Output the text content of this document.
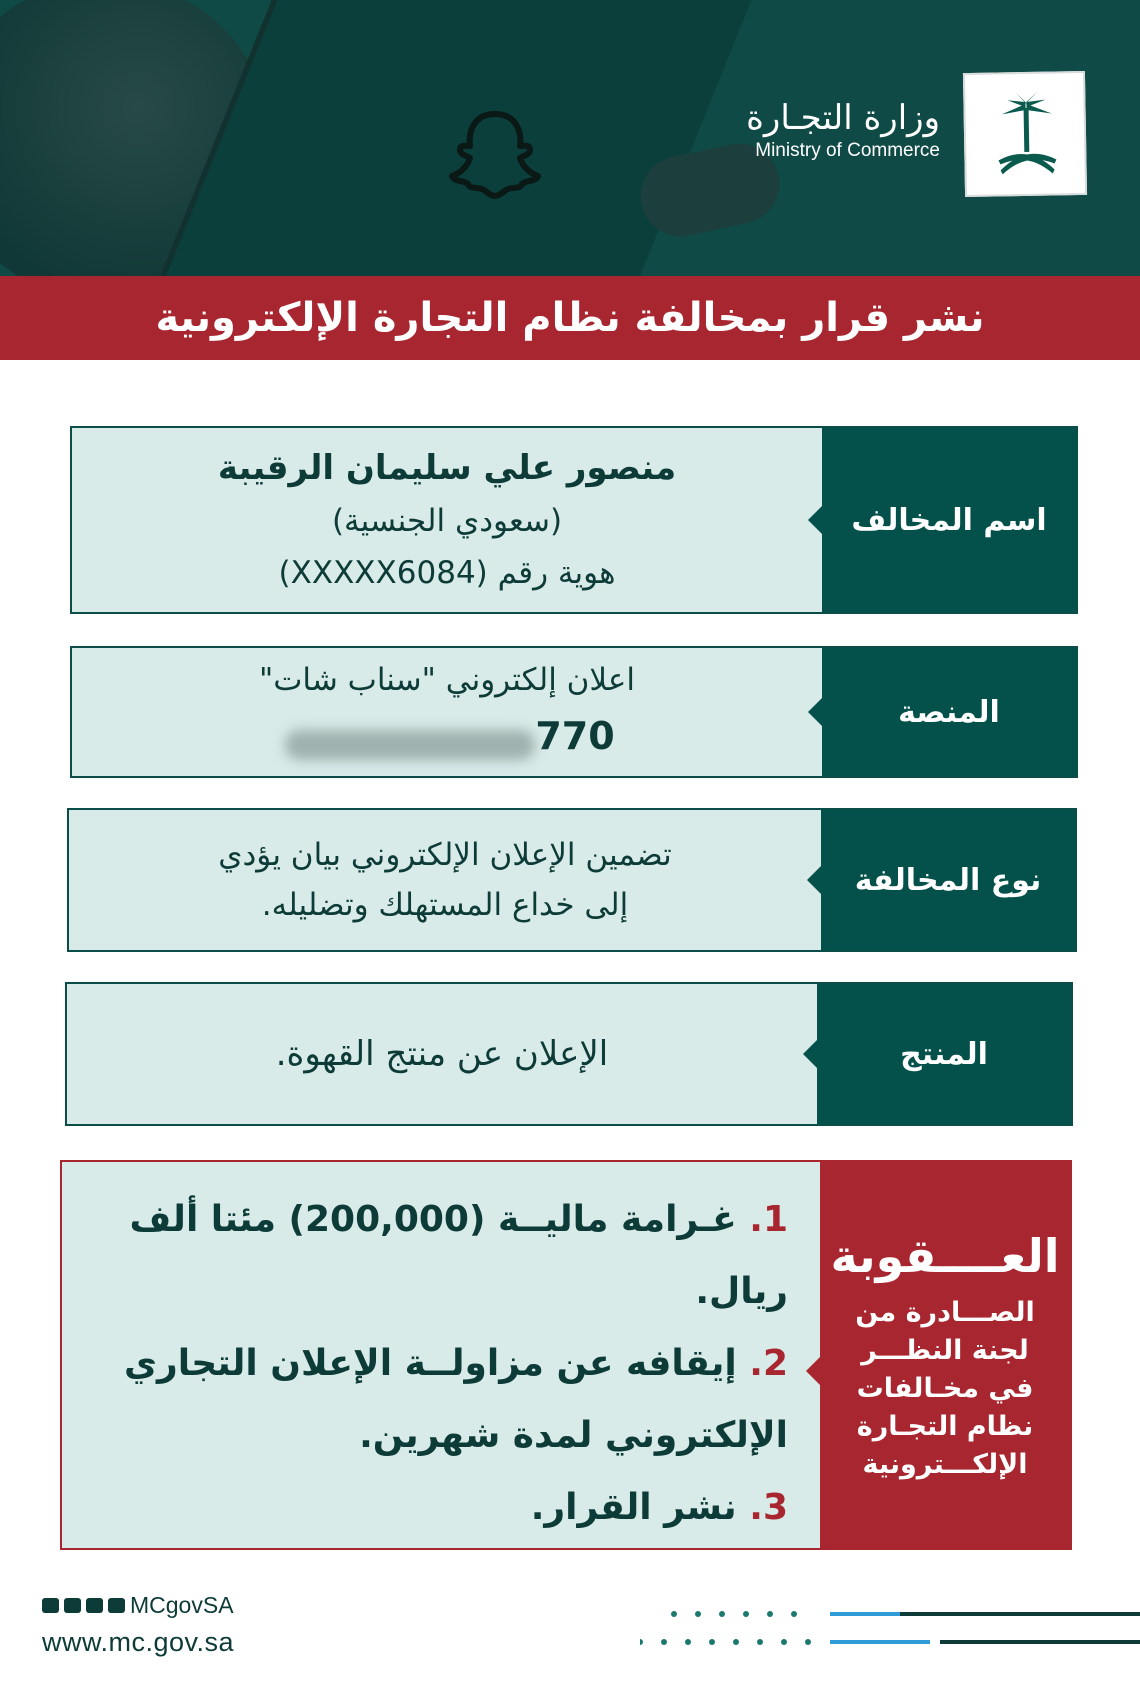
وزارة التجـارة
Ministry of Commerce
نشر قرار بمخالفة نظام التجارة الإلكترونية
منصور علي سليمان الرقيبة
(سعودي الجنسية)
هوية رقم (XXXXX6084)
اسم المخالف
اعلان إلكتروني "سناب شات"
770
المنصة
تضمين الإعلان الإلكتروني بيان يؤدي
إلى خداع المستهلك وتضليله.
نوع المخالفة
الإعلان عن منتج القهوة.	المنتج
1. غـرامة ماليــة (200,000) مئتا ألف ريال.
2. إيقافه عن مزاولــة الإعلان التجاري الإلكتروني لمدة شهرين.
3. نشر القرار.
العــــقوبة
الصـــادرة من
لجنة النظـــر
في مخـالفات
نظام التجـارة
الإلكـــترونية
MCgovSA
www.mc.gov.sa
